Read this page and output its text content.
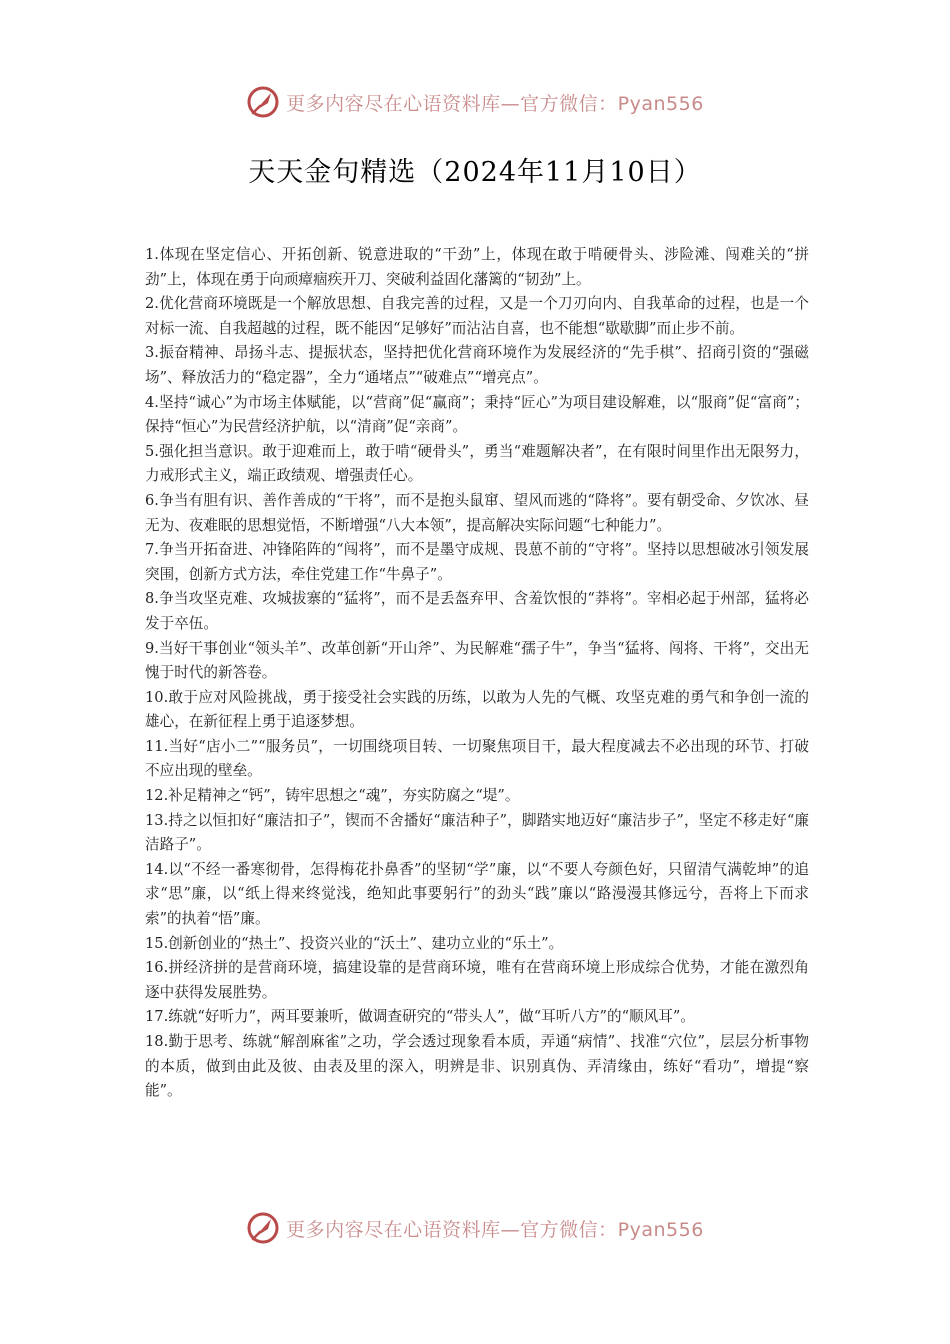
更多内容尽在心语资料库—官方微信：Pyan556
天天金句精选（2024年11月10日）

1.体现在坚定信心、开拓创新、锐意进取的“干劲”上，体现在敢于啃硬骨头、涉险滩、闯难关的“拼劲”上，体现在勇于向顽瘴痼疾开刀、突破利益固化藩篱的“韧劲”上。

2.优化营商环境既是一个解放思想、自我完善的过程，又是一个刀刃向内、自我革命的过程，也是一个对标一流、自我超越的过程，既不能因“足够好”而沾沾自喜，也不能想“歇歇脚”而止步不前。

3.振奋精神、昂扬斗志、提振状态，坚持把优化营商环境作为发展经济的“先手棋”、招商引资的“强磁场”、释放活力的“稳定器”，全力“通堵点”“破难点”“增亮点”。

4.坚持“诚心”为市场主体赋能，以“营商”促“赢商”；秉持“匠心”为项目建设解难，以“服商”促“富商”；保持“恒心”为民营经济护航，以“清商”促“亲商”。

5.强化担当意识。敢于迎难而上，敢于啃“硬骨头”，勇当“难题解决者”，在有限时间里作出无限努力，力戒形式主义，端正政绩观、增强责任心。

6.争当有胆有识、善作善成的“干将”，而不是抱头鼠窜、望风而逃的“降将”。要有朝受命、夕饮冰、昼无为、夜难眠的思想觉悟，不断增强“八大本领”，提高解决实际问题“七种能力”。

7.争当开拓奋进、冲锋陷阵的“闯将”，而不是墨守成规、畏葸不前的“守将”。坚持以思想破冰引领发展突围，创新方式方法，牵住党建工作“牛鼻子”。

8.争当攻坚克难、攻城拔寨的“猛将”，而不是丢盔弃甲、含羞饮恨的“莽将”。宰相必起于州部，猛将必发于卒伍。

9.当好干事创业“领头羊”、改革创新“开山斧”、为民解难“孺子牛”，争当“猛将、闯将、干将”，交出无愧于时代的新答卷。

10.敢于应对风险挑战，勇于接受社会实践的历练，以敢为人先的气概、攻坚克难的勇气和争创一流的雄心，在新征程上勇于追逐梦想。

11.当好“店小二”“服务员”，一切围绕项目转、一切聚焦项目干，最大程度减去不必出现的环节、打破不应出现的壁垒。

12.补足精神之“钙”，铸牢思想之“魂”，夯实防腐之“堤”。

13.持之以恒扣好“廉洁扣子”，锲而不舍播好“廉洁种子”，脚踏实地迈好“廉洁步子”，坚定不移走好“廉洁路子”。

14.以“不经一番寒彻骨，怎得梅花扑鼻香”的坚韧“学”廉，以“不要人夸颜色好，只留清气满乾坤”的追求“思”廉，以“纸上得来终觉浅，绝知此事要躬行”的劲头“践”廉以“路漫漫其修远兮，吾将上下而求索”的执着“悟”廉。

15.创新创业的“热土”、投资兴业的“沃土”、建功立业的“乐土”。

16.拼经济拼的是营商环境，搞建设靠的是营商环境，唯有在营商环境上形成综合优势，才能在激烈角逐中获得发展胜势。

17.练就“好听力”，两耳要兼听，做调查研究的“带头人”，做“耳听八方”的“顺风耳”。

18.勤于思考、练就“解剖麻雀”之功，学会透过现象看本质，弄通“病情”、找准“穴位”，层层分析事物的本质，做到由此及彼、由表及里的深入，明辨是非、识别真伪、弄清缘由，练好“看功”，增提“察能”。

更多内容尽在心语资料库—官方微信：Pyan556
